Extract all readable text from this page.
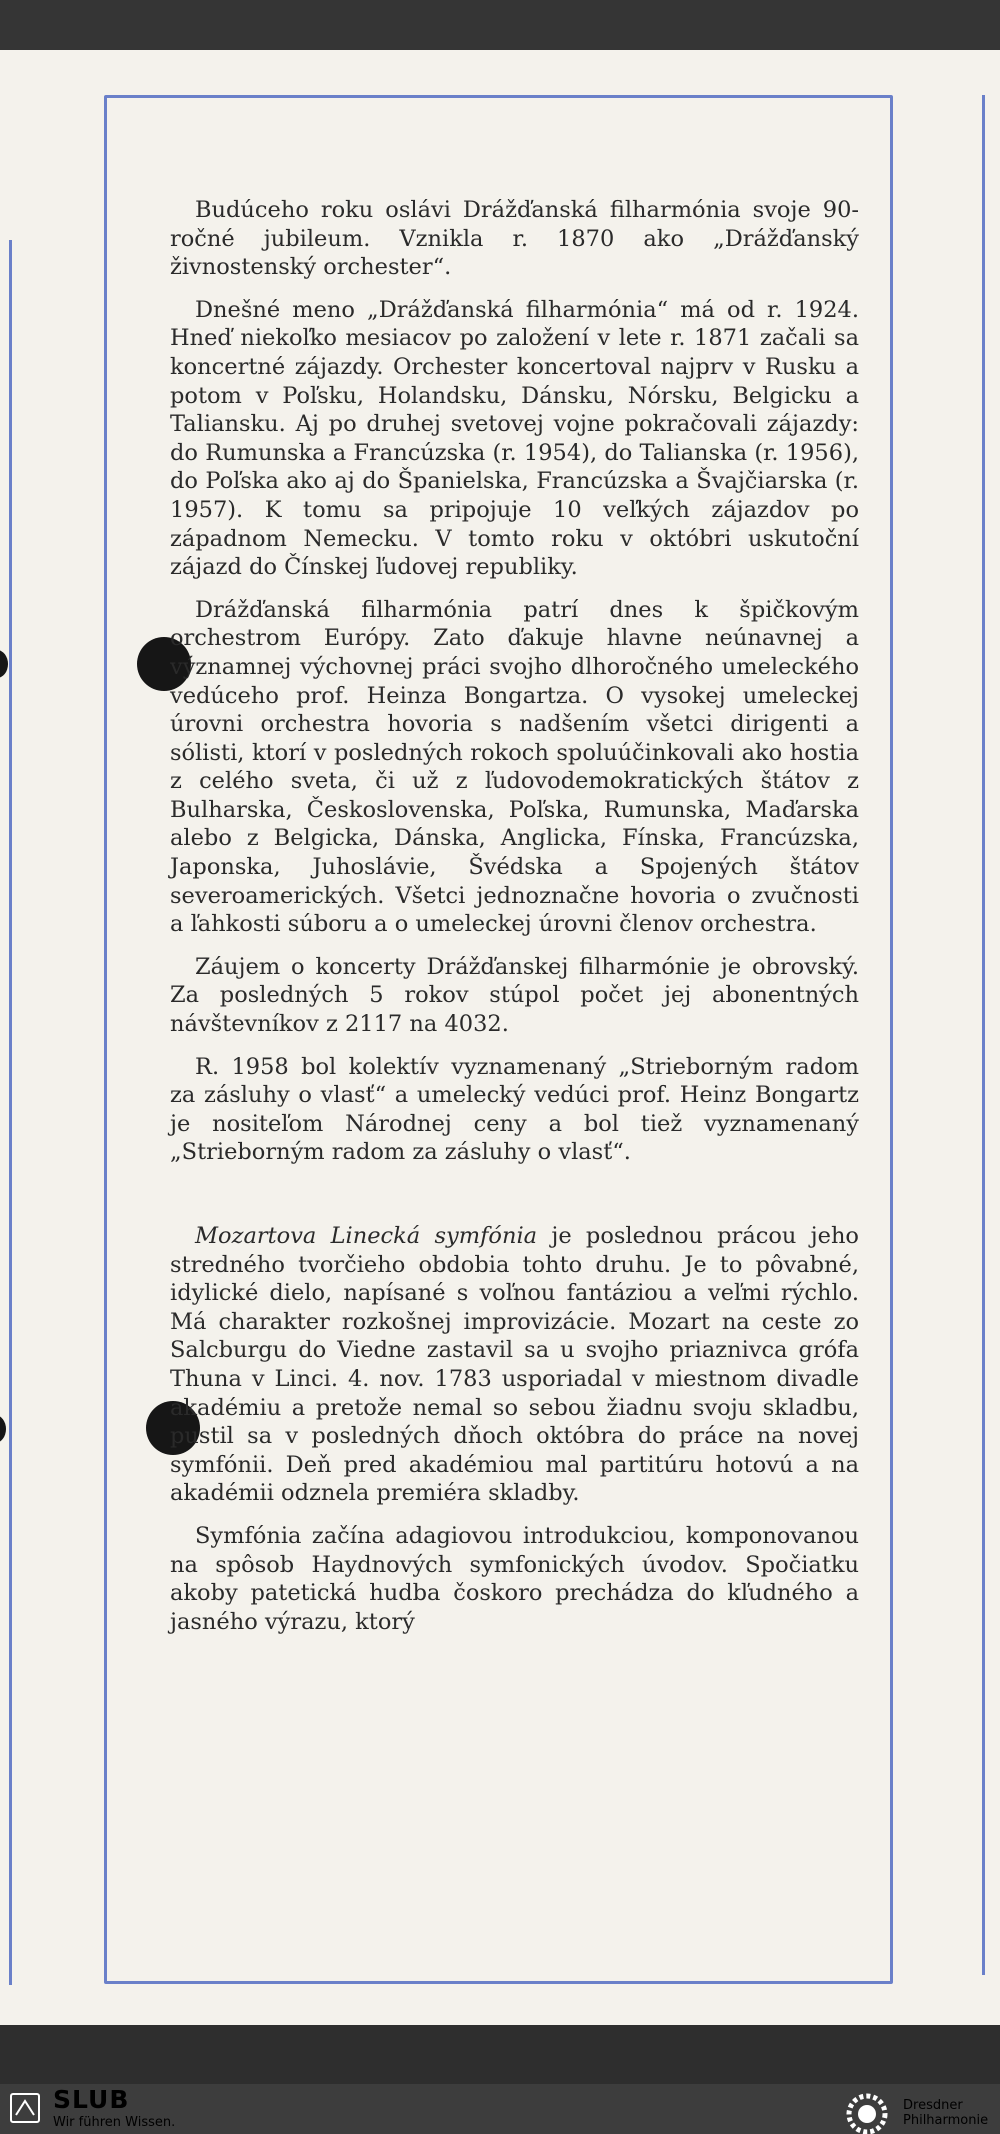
Budúceho roku oslávi Drážďanská filharmónia svoje 90-ročné jubileum. Vznikla r. 1870 ako „Drážďanský živnostenský orchester“.

Dnešné meno „Drážďanská filharmónia“ má od r. 1924. Hneď niekoľko mesiacov po založení v lete r. 1871 začali sa koncertné zájazdy. Orchester koncertoval najprv v Rusku a potom v Poľsku, Holandsku, Dánsku, Nórsku, Belgicku a Taliansku. Aj po druhej svetovej vojne pokračovali zájazdy: do Rumunska a Francúzska (r. 1954), do Talianska (r. 1956), do Poľska ako aj do Španielska, Francúzska a Švajčiarska (r. 1957). K tomu sa pripojuje 10 veľkých zájazdov po západnom Nemecku. V tomto roku v októbri uskutoční zájazd do Čínskej ľudovej republiky.

Drážďanská filharmónia patrí dnes k špičkovým orchestrom Európy. Zato ďakuje hlavne neúnavnej a významnej výchovnej práci svojho dlhoročného umeleckého vedúceho prof. Heinza Bongartza. O vysokej umeleckej úrovni orchestra hovoria s nadšením všetci dirigenti a sólisti, ktorí v posledných rokoch spoluúčinkovali ako hostia z celého sveta, či už z ľudovodemokratických štátov z Bulharska, Československa, Poľska, Rumunska, Maďarska alebo z Belgicka, Dánska, Anglicka, Fínska, Francúzska, Japonska, Juhoslávie, Švédska a Spojených štátov severoamerických. Všetci jednoznačne hovoria o zvučnosti a ľahkosti súboru a o umeleckej úrovni členov orchestra.

Záujem o koncerty Drážďanskej filharmónie je obrovský. Za posledných 5 rokov stúpol počet jej abonentných návštevníkov z 2117 na 4032.

R. 1958 bol kolektív vyznamenaný „Strieborným radom za zásluhy o vlasť“ a umelecký vedúci prof. Heinz Bongartz je nositeľom Národnej ceny a bol tiež vyznamenaný „Strieborným radom za zásluhy o vlasť“.

Mozartova Linecká symfónia je poslednou prácou jeho stredného tvorčieho obdobia tohto druhu. Je to pôvabné, idylické dielo, napísané s voľnou fantáziou a veľmi rýchlo. Má charakter rozkošnej improvizácie. Mozart na ceste zo Salcburgu do Viedne zastavil sa u svojho priaznivca grófa Thuna v Linci. 4. nov. 1783 usporiadal v miestnom divadle akadémiu a pretože nemal so sebou žiadnu svoju skladbu, pustil sa v posledných dňoch októbra do práce na novej symfónii. Deň pred akadémiou mal partitúru hotovú a na akadémii odznela premiéra skladby.

Symfónia začína adagiovou introdukciou, komponovanou na spôsob Haydnových symfonických úvodov. Spočiatku akoby patetická hudba čoskoro prechádza do kľudného a jasného výrazu, ktorý

SLUB
Wir führen Wissen.
Dresdner
Philharmonie
